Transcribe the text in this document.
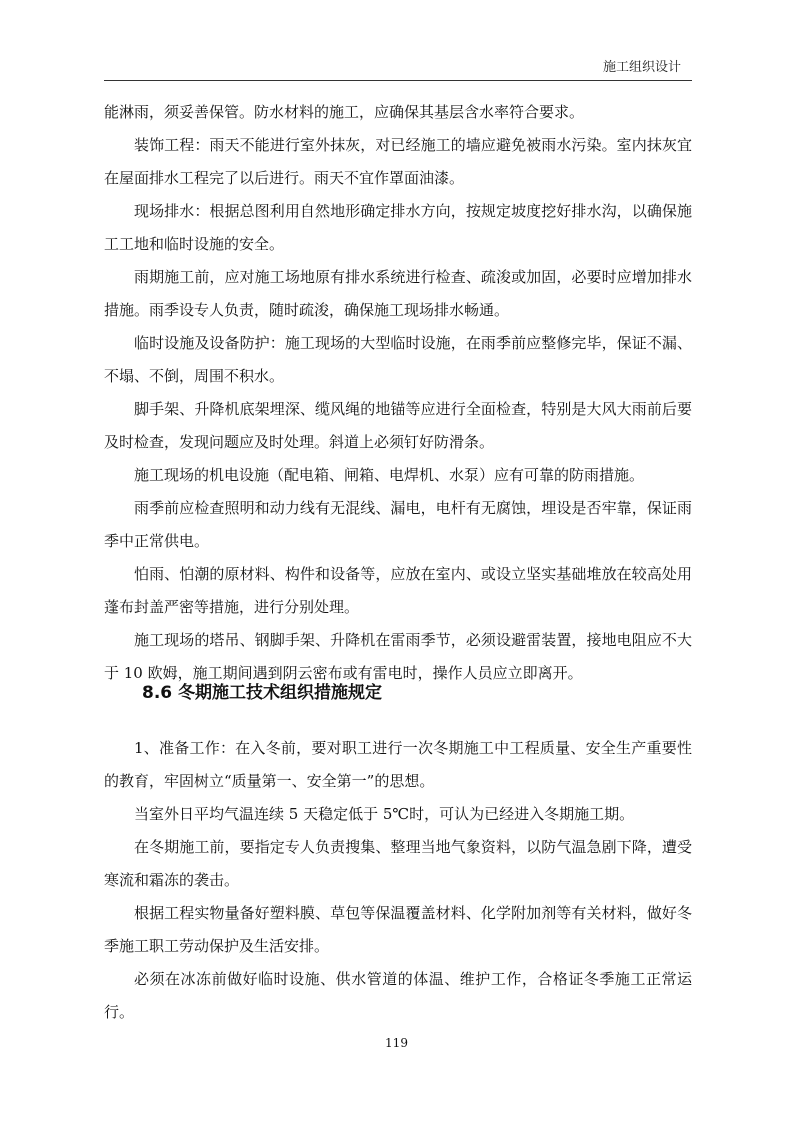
施工组织设计

能淋雨，须妥善保管。防水材料的施工，应确保其基层含水率符合要求。

装饰工程：雨天不能进行室外抹灰，对已经施工的墙应避免被雨水污染。室内抹灰宜在屋面排水工程完了以后进行。雨天不宜作罩面油漆。

现场排水：根据总图利用自然地形确定排水方向，按规定坡度挖好排水沟，以确保施工工地和临时设施的安全。

雨期施工前，应对施工场地原有排水系统进行检查、疏浚或加固，必要时应增加排水措施。雨季设专人负责，随时疏浚，确保施工现场排水畅通。

临时设施及设备防护：施工现场的大型临时设施，在雨季前应整修完毕，保证不漏、不塌、不倒，周围不积水。

脚手架、升降机底架埋深、缆风绳的地锚等应进行全面检查，特别是大风大雨前后要及时检查，发现问题应及时处理。斜道上必须钉好防滑条。

施工现场的机电设施（配电箱、闸箱、电焊机、水泵）应有可靠的防雨措施。

雨季前应检查照明和动力线有无混线、漏电，电杆有无腐蚀，埋设是否牢靠，保证雨季中正常供电。

怕雨、怕潮的原材料、构件和设备等，应放在室内、或设立坚实基础堆放在较高处用蓬布封盖严密等措施，进行分别处理。

施工现场的塔吊、钢脚手架、升降机在雷雨季节，必须设避雷装置，接地电阻应不大于 10 欧姆，施工期间遇到阴云密布或有雷电时，操作人员应立即离开。

8.6 冬期施工技术组织措施规定

1、准备工作：在入冬前，要对职工进行一次冬期施工中工程质量、安全生产重要性的教育，牢固树立“质量第一、安全第一”的思想。

当室外日平均气温连续 5 天稳定低于 5℃时，可认为已经进入冬期施工期。

在冬期施工前，要指定专人负责搜集、整理当地气象资料，以防气温急剧下降，遭受寒流和霜冻的袭击。

根据工程实物量备好塑料膜、草包等保温覆盖材料、化学附加剂等有关材料，做好冬季施工职工劳动保护及生活安排。

必须在冰冻前做好临时设施、供水管道的体温、维护工作，合格证冬季施工正常运行。

119
